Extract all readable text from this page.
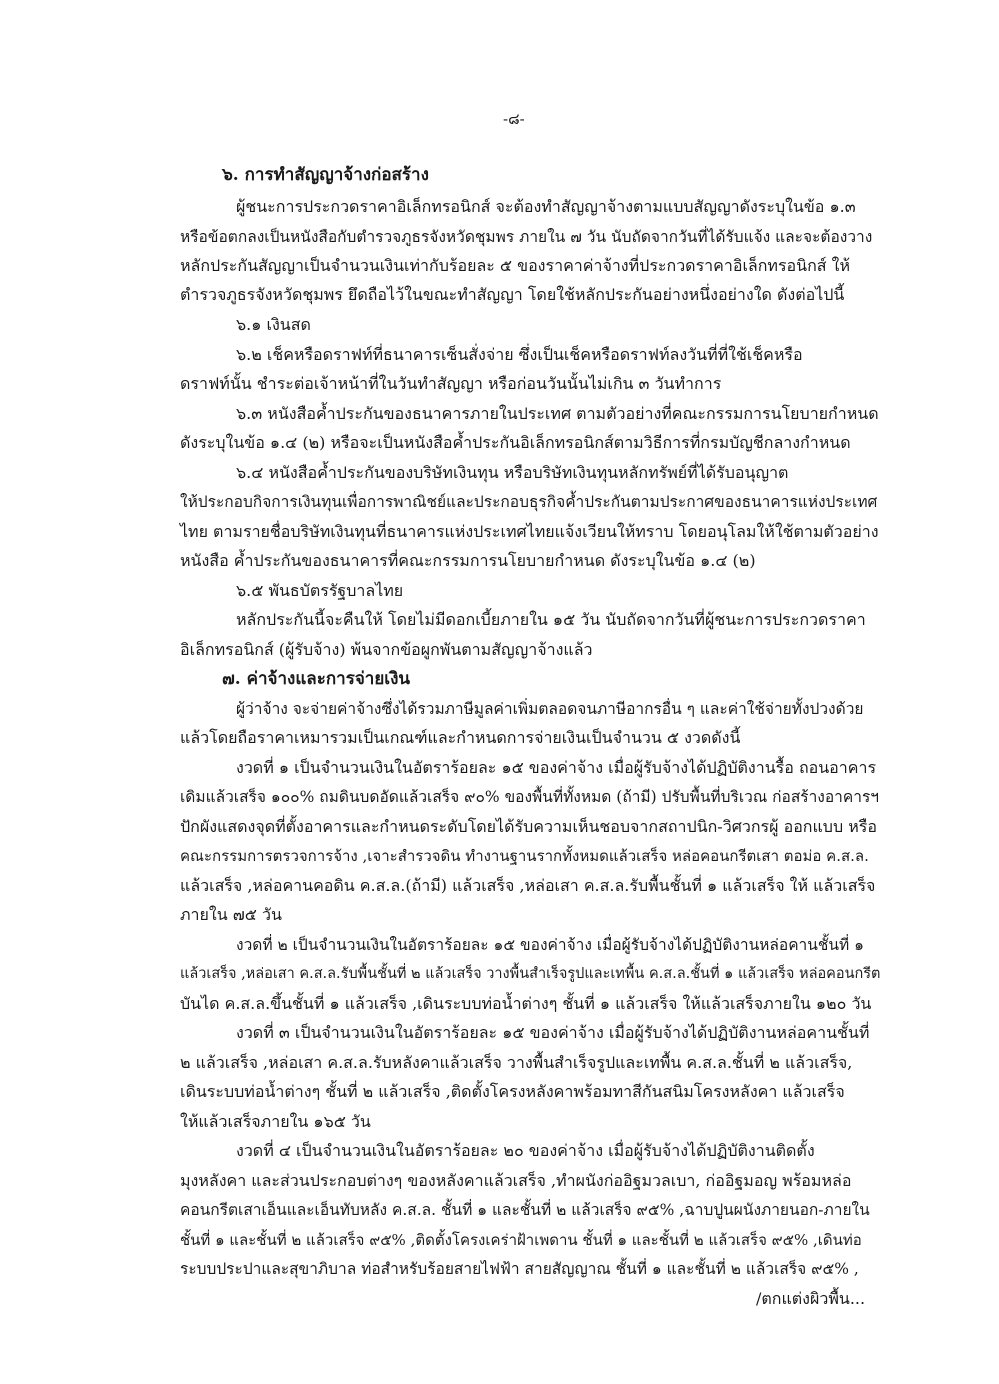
-๘-
๖. การทำสัญญาจ้างก่อสร้าง
ผู้ชนะการประกวดราคาอิเล็กทรอนิกส์ จะต้องทำสัญญาจ้างตามแบบสัญญาดังระบุในข้อ ๑.๓
หรือข้อตกลงเป็นหนังสือกับตำรวจภูธรจังหวัดชุมพร ภายใน ๗ วัน นับถัดจากวันที่ได้รับแจ้ง และจะต้องวาง
หลักประกันสัญญาเป็นจำนวนเงินเท่ากับร้อยละ ๕ ของราคาค่าจ้างที่ประกวดราคาอิเล็กทรอนิกส์ ให้
ตำรวจภูธรจังหวัดชุมพร ยึดถือไว้ในขณะทำสัญญา โดยใช้หลักประกันอย่างหนึ่งอย่างใด ดังต่อไปนี้
๖.๑ เงินสด
๖.๒ เช็คหรือดราฟท์ที่ธนาคารเซ็นสั่งจ่าย ซึ่งเป็นเช็คหรือดราฟท์ลงวันที่ที่ใช้เช็คหรือ
ดราฟท์นั้น ชำระต่อเจ้าหน้าที่ในวันทำสัญญา หรือก่อนวันนั้นไม่เกิน ๓ วันทำการ
๖.๓ หนังสือค้ำประกันของธนาคารภายในประเทศ ตามตัวอย่างที่คณะกรรมการนโยบายกำหนด
ดังระบุในข้อ ๑.๔ (๒) หรือจะเป็นหนังสือค้ำประกันอิเล็กทรอนิกส์ตามวิธีการที่กรมบัญชีกลางกำหนด
๖.๔ หนังสือค้ำประกันของบริษัทเงินทุน หรือบริษัทเงินทุนหลักทรัพย์ที่ได้รับอนุญาต
ให้ประกอบกิจการเงินทุนเพื่อการพาณิชย์และประกอบธุรกิจค้ำประกันตามประกาศของธนาคารแห่งประเทศ
ไทย ตามรายชื่อบริษัทเงินทุนที่ธนาคารแห่งประเทศไทยแจ้งเวียนให้ทราบ โดยอนุโลมให้ใช้ตามตัวอย่าง
หนังสือ ค้ำประกันของธนาคารที่คณะกรรมการนโยบายกำหนด ดังระบุในข้อ ๑.๔ (๒)
๖.๕ พันธบัตรรัฐบาลไทย
หลักประกันนี้จะคืนให้ โดยไม่มีดอกเบี้ยภายใน ๑๕ วัน นับถัดจากวันที่ผู้ชนะการประกวดราคา
อิเล็กทรอนิกส์ (ผู้รับจ้าง) พ้นจากข้อผูกพันตามสัญญาจ้างแล้ว
๗. ค่าจ้างและการจ่ายเงิน
ผู้ว่าจ้าง จะจ่ายค่าจ้างซึ่งได้รวมภาษีมูลค่าเพิ่มตลอดจนภาษีอากรอื่น ๆ และค่าใช้จ่ายทั้งปวงด้วย
แล้วโดยถือราคาเหมารวมเป็นเกณฑ์และกำหนดการจ่ายเงินเป็นจำนวน ๕ งวดดังนี้
งวดที่ ๑ เป็นจำนวนเงินในอัตราร้อยละ ๑๕ ของค่าจ้าง เมื่อผู้รับจ้างได้ปฏิบัติงานรื้อ ถอนอาคาร
เดิมแล้วเสร็จ ๑๐๐% ถมดินบดอัดแล้วเสร็จ ๙๐% ของพื้นที่ทั้งหมด (ถ้ามี) ปรับพื้นที่บริเวณ ก่อสร้างอาคารฯ
ปักผังแสดงจุดที่ตั้งอาคารและกำหนดระดับโดยได้รับความเห็นชอบจากสถาปนิก-วิศวกรผู้ ออกแบบ หรือ
คณะกรรมการตรวจการจ้าง ,เจาะสำรวจดิน ทำงานฐานรากทั้งหมดแล้วเสร็จ หล่อคอนกรีตเสา ตอม่อ ค.ส.ล.
แล้วเสร็จ ,หล่อคานคอดิน ค.ส.ล.(ถ้ามี) แล้วเสร็จ ,หล่อเสา ค.ส.ล.รับพื้นชั้นที่ ๑ แล้วเสร็จ ให้ แล้วเสร็จ
ภายใน ๗๕ วัน
งวดที่ ๒ เป็นจำนวนเงินในอัตราร้อยละ ๑๕ ของค่าจ้าง เมื่อผู้รับจ้างได้ปฏิบัติงานหล่อคานชั้นที่ ๑
แล้วเสร็จ ,หล่อเสา ค.ส.ล.รับพื้นชั้นที่ ๒ แล้วเสร็จ วางพื้นสำเร็จรูปและเทพื้น ค.ส.ล.ชั้นที่ ๑ แล้วเสร็จ หล่อคอนกรีต
บันได ค.ส.ล.ขึ้นชั้นที่ ๑ แล้วเสร็จ ,เดินระบบท่อน้ำต่างๆ ชั้นที่ ๑ แล้วเสร็จ ให้แล้วเสร็จภายใน ๑๒๐ วัน
งวดที่ ๓ เป็นจำนวนเงินในอัตราร้อยละ ๑๕ ของค่าจ้าง เมื่อผู้รับจ้างได้ปฏิบัติงานหล่อคานชั้นที่
๒ แล้วเสร็จ ,หล่อเสา ค.ส.ล.รับหลังคาแล้วเสร็จ วางพื้นสำเร็จรูปและเทพื้น ค.ส.ล.ชั้นที่ ๒ แล้วเสร็จ,
เดินระบบท่อน้ำต่างๆ ชั้นที่ ๒ แล้วเสร็จ ,ติดตั้งโครงหลังคาพร้อมทาสีกันสนิมโครงหลังคา แล้วเสร็จ
ให้แล้วเสร็จภายใน ๑๖๕ วัน
งวดที่ ๔ เป็นจำนวนเงินในอัตราร้อยละ ๒๐ ของค่าจ้าง เมื่อผู้รับจ้างได้ปฏิบัติงานติดตั้ง
มุงหลังคา และส่วนประกอบต่างๆ ของหลังคาแล้วเสร็จ ,ทำผนังก่ออิฐมวลเบา, ก่ออิฐมอญ พร้อมหล่อ
คอนกรีตเสาเอ็นและเอ็นทับหลัง ค.ส.ล. ชั้นที่ ๑ และชั้นที่ ๒ แล้วเสร็จ ๙๕% ,ฉาบปูนผนังภายนอก-ภายใน
ชั้นที่ ๑ และชั้นที่ ๒ แล้วเสร็จ ๙๕% ,ติดตั้งโครงเคร่าฝ้าเพดาน ชั้นที่ ๑ และชั้นที่ ๒ แล้วเสร็จ ๙๕% ,เดินท่อ
ระบบประปาและสุขาภิบาล ท่อสำหรับร้อยสายไฟฟ้า สายสัญญาณ ชั้นที่ ๑ และชั้นที่ ๒ แล้วเสร็จ ๙๕% ,
/ตกแต่งผิวพื้น...
